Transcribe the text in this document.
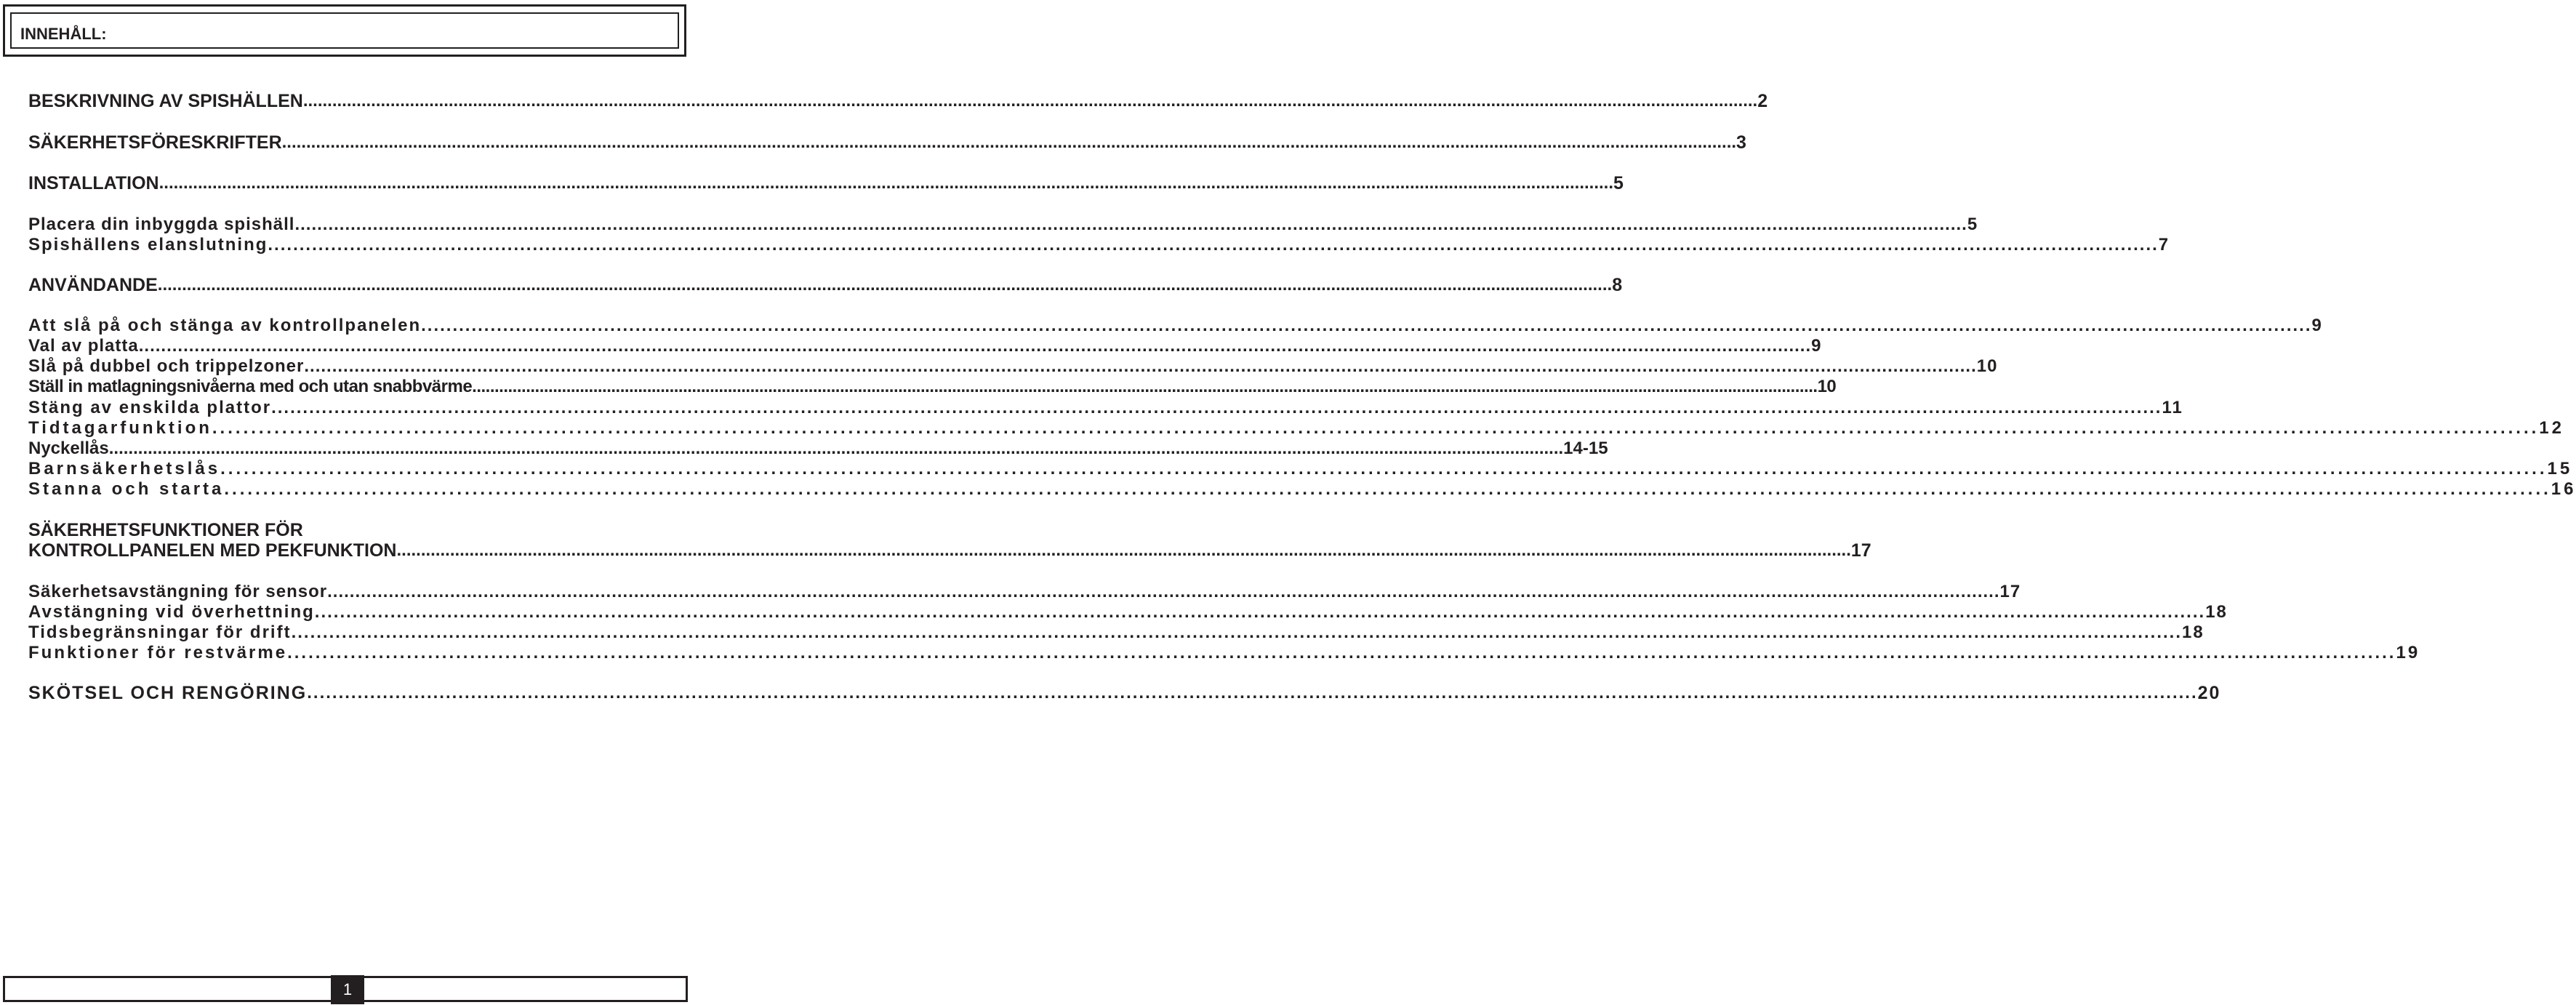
INNEHÅLL:
BESKRIVNING AV SPISHÄLLEN ............................................................................................................................................................................................................................................................................................................ 2
SÄKERHETSFÖRESKRIFTER ............................................................................................................................................................................................................................................................................................................ 3
INSTALLATION ............................................................................................................................................................................................................................................................................................................ 5
Placera din inbyggda spishäll ............................................................................................................................................................................................................................................................................................................ 5
Spishällens elanslutning ............................................................................................................................................................................................................................................................................................................ 7
ANVÄNDANDE ............................................................................................................................................................................................................................................................................................................ 8
Att slå på och stänga av kontrollpanelen ............................................................................................................................................................................................................................................................................................................ 9
Val av platta ............................................................................................................................................................................................................................................................................................................ 9
Slå på dubbel och trippelzoner ............................................................................................................................................................................................................................................................................................................ 10
Ställ in matlagningsnivåerna med och utan snabbvärme ............................................................................................................................................................................................................................................................................................................ 10
Stäng av enskilda plattor ............................................................................................................................................................................................................................................................................................................ 11
Tidtagarfunktion ............................................................................................................................................................................................................................................................................................................ 12
Nyckellås ............................................................................................................................................................................................................................................................................................................ 14-15
Barnsäkerhetslås ............................................................................................................................................................................................................................................................................................................ 15
Stanna och starta ............................................................................................................................................................................................................................................................................................................ 16
SÄKERHETSFUNKTIONER FÖR
KONTROLLPANELEN MED PEKFUNKTION ............................................................................................................................................................................................................................................................................................................ 17
Säkerhetsavstängning för sensor ............................................................................................................................................................................................................................................................................................................ 17
Avstängning vid överhettning ............................................................................................................................................................................................................................................................................................................ 18
Tidsbegränsningar för drift ............................................................................................................................................................................................................................................................................................................ 18
Funktioner för restvärme ............................................................................................................................................................................................................................................................................................................ 19
SKÖTSEL OCH RENGÖRING ............................................................................................................................................................................................................................................................................................................ 20
1
